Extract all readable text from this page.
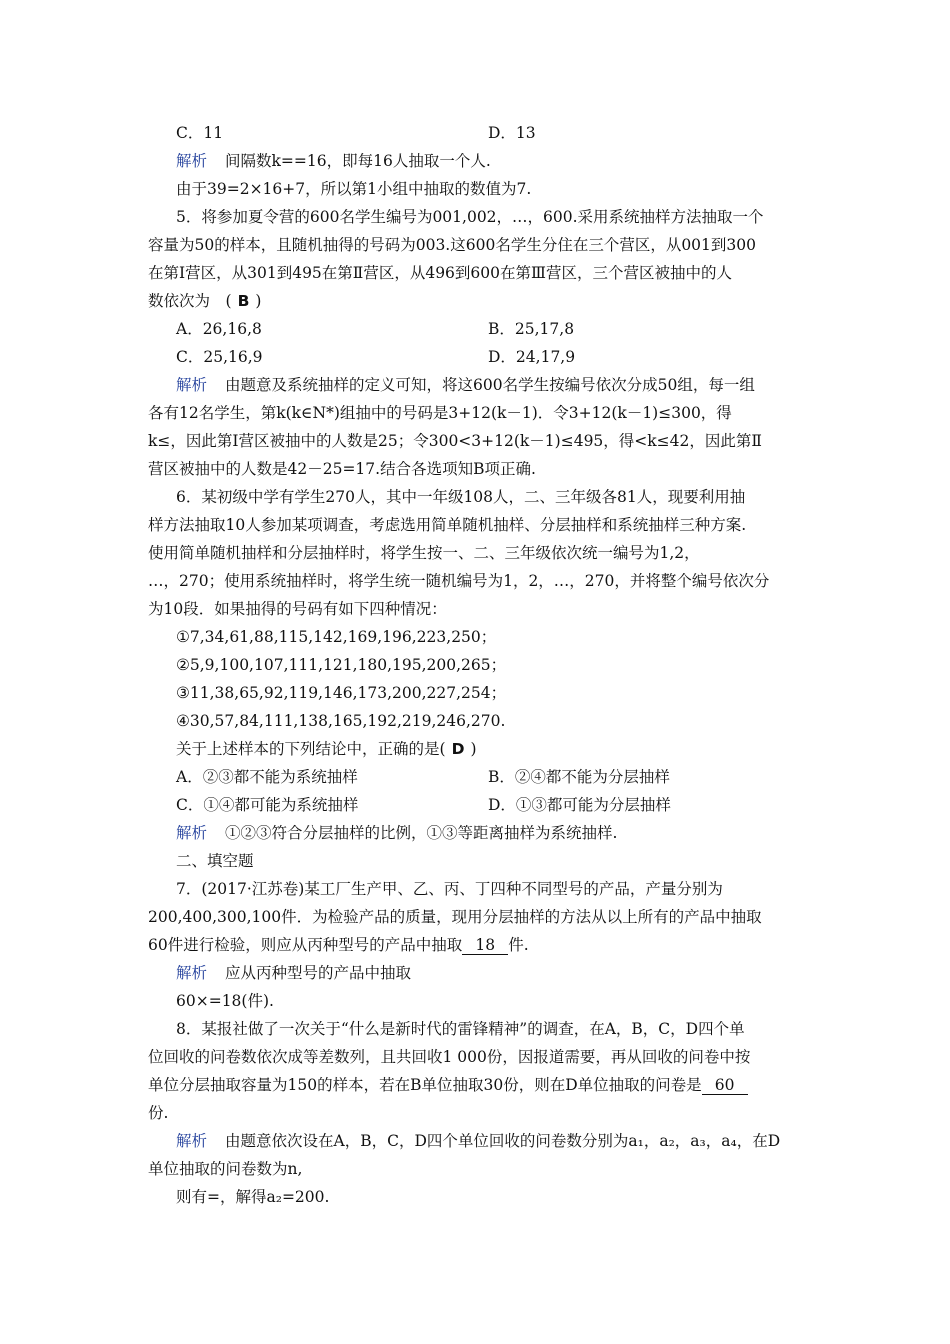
C．11	D．13
解析 间隔数k==16，即每16人抽取一个人.
由于39=2×16+7，所以第1小组中抽取的数值为7.
5．将参加夏令营的600名学生编号为001,002，…，600.采用系统抽样方法抽取一个
容量为50的样本，且随机抽得的号码为003.这600名学生分住在三个营区，从001到300
在第Ⅰ营区，从301到495在第Ⅱ营区，从496到600在第Ⅲ营区，三个营区被抽中的人
数依次为　( B )
A．26,16,8	B．25,17,8
C．25,16,9	D．24,17,9
解析 由题意及系统抽样的定义可知，将这600名学生按编号依次分成50组，每一组
各有12名学生，第k(k∈N*)组抽中的号码是3+12(k－1)．令3+12(k－1)≤300，得
k≤，因此第Ⅰ营区被抽中的人数是25；令300<3+12(k－1)≤495，得<k≤42，因此第Ⅱ
营区被抽中的人数是42－25=17.结合各选项知B项正确.
6．某初级中学有学生270人，其中一年级108人，二、三年级各81人，现要利用抽
样方法抽取10人参加某项调查，考虑选用简单随机抽样、分层抽样和系统抽样三种方案.
使用简单随机抽样和分层抽样时，将学生按一、二、三年级依次统一编号为1,2，
…，270；使用系统抽样时，将学生统一随机编号为1，2，…，270，并将整个编号依次分
为10段．如果抽得的号码有如下四种情况：
①7,34,61,88,115,142,169,196,223,250；
②5,9,100,107,111,121,180,195,200,265；
③11,38,65,92,119,146,173,200,227,254；
④30,57,84,111,138,165,192,219,246,270.
关于上述样本的下列结论中，正确的是( D )
A．②③都不能为系统抽样	B．②④都不能为分层抽样
C．①④都可能为系统抽样	D．①③都可能为分层抽样
解析 ①②③符合分层抽样的比例，①③等距离抽样为系统抽样.
二、填空题
7．(2017·江苏卷)某工厂生产甲、乙、丙、丁四种不同型号的产品，产量分别为
200,400,300,100件．为检验产品的质量，现用分层抽样的方法从以上所有的产品中抽取
60件进行检验，则应从丙种型号的产品中抽取 18 件.
解析 应从丙种型号的产品中抽取
60×=18(件).
8．某报社做了一次关于“什么是新时代的雷锋精神”的调查，在A，B，C，D四个单
位回收的问卷数依次成等差数列，且共回收1 000份，因报道需要，再从回收的问卷中按
单位分层抽取容量为150的样本，若在B单位抽取30份，则在D单位抽取的问卷是 60
份.
解析 由题意依次设在A，B，C，D四个单位回收的问卷数分别为a₁，a₂，a₃，a₄，在D
单位抽取的问卷数为n,
则有=，解得a₂=200.
